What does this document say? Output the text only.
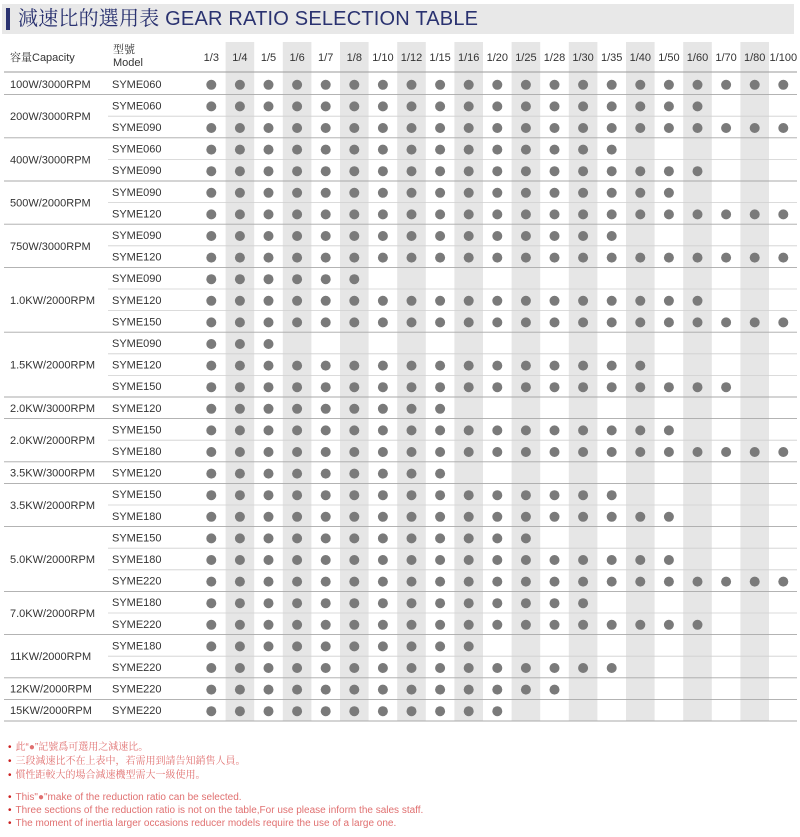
減速比的選用表 GEAR RATIO SELECTION TABLE
容量Capacity
型號
Model	1/3 1/4 1/5 1/6 1/7 1/8 1/10 1/12 1/15 1/16 1/20 1/25 1/28 1/30 1/35 1/40 1/50 1/60 1/70 1/80 1/100
SYME060
100W/3000RPM
SYME060
SYME090
200W/3000RPM
SYME060
SYME090
400W/3000RPM
SYME090
SYME120
500W/2000RPM
SYME090
SYME120
750W/3000RPM
SYME090
SYME120
SYME150
1.0KW/2000RPM
SYME090
SYME120
SYME150
1.5KW/2000RPM
SYME120
2.0KW/3000RPM
SYME150
SYME180
2.0KW/2000RPM
SYME120
3.5KW/3000RPM
SYME150
SYME180
3.5KW/2000RPM
SYME150
SYME180
SYME220
5.0KW/2000RPM
SYME180
SYME220
7.0KW/2000RPM
SYME180
SYME220
11KW/2000RPM
SYME220
12KW/2000RPM
SYME220
15KW/2000RPM
• 此“●”記號爲可選用之減速比。
• 三段減速比不在上表中，若需用到請告知銷售人員。
• 慣性距較大的場合減速機型需大一級使用。
• This"●"make of the reduction ratio can be selected.
• Three sections of the reduction ratio is not on the table,For use please inform the sales staff.
• The moment of inertia larger occasions reducer models require the use of a large one.
